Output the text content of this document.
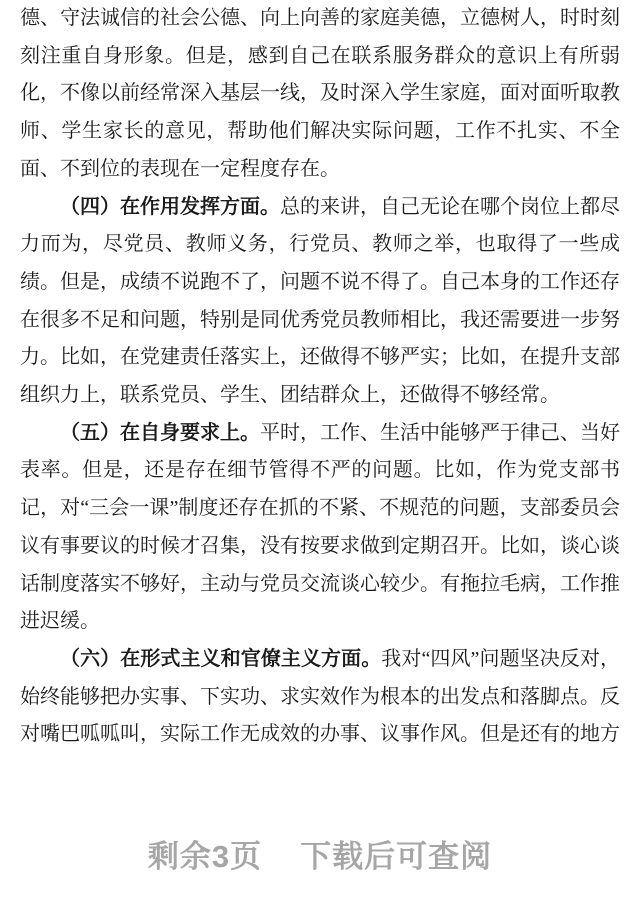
德、守法诚信的社会公德、向上向善的家庭美德，立德树人，时时刻刻注重自身形象。但是，感到自己在联系服务群众的意识上有所弱化，不像以前经常深入基层一线，及时深入学生家庭，面对面听取教师、学生家长的意见，帮助他们解决实际问题，工作不扎实、不全面、不到位的表现在一定程度存在。

（四）在作用发挥方面。总的来讲，自己无论在哪个岗位上都尽力而为，尽党员、教师义务，行党员、教师之举，也取得了一些成绩。但是，成绩不说跑不了，问题不说不得了。自己本身的工作还存在很多不足和问题，特别是同优秀党员教师相比，我还需要进一步努力。比如，在党建责任落实上，还做得不够严实；比如，在提升支部组织力上，联系党员、学生、团结群众上，还做得不够经常。

（五）在自身要求上。平时，工作、生活中能够严于律己、当好表率。但是，还是存在细节管得不严的问题。比如，作为党支部书记，对“三会一课”制度还存在抓的不紧、不规范的问题，支部委员会议有事要议的时候才召集，没有按要求做到定期召开。比如，谈心谈话制度落实不够好，主动与党员交流谈心较少。有拖拉毛病，工作推进迟缓。

（六）在形式主义和官僚主义方面。我对“四风”问题坚决反对，始终能够把办实事、下实功、求实效作为根本的出发点和落脚点。反对嘴巴呱呱叫，实际工作无成效的办事、议事作风。但是还有的地方

剩余3页 下载后可查阅
